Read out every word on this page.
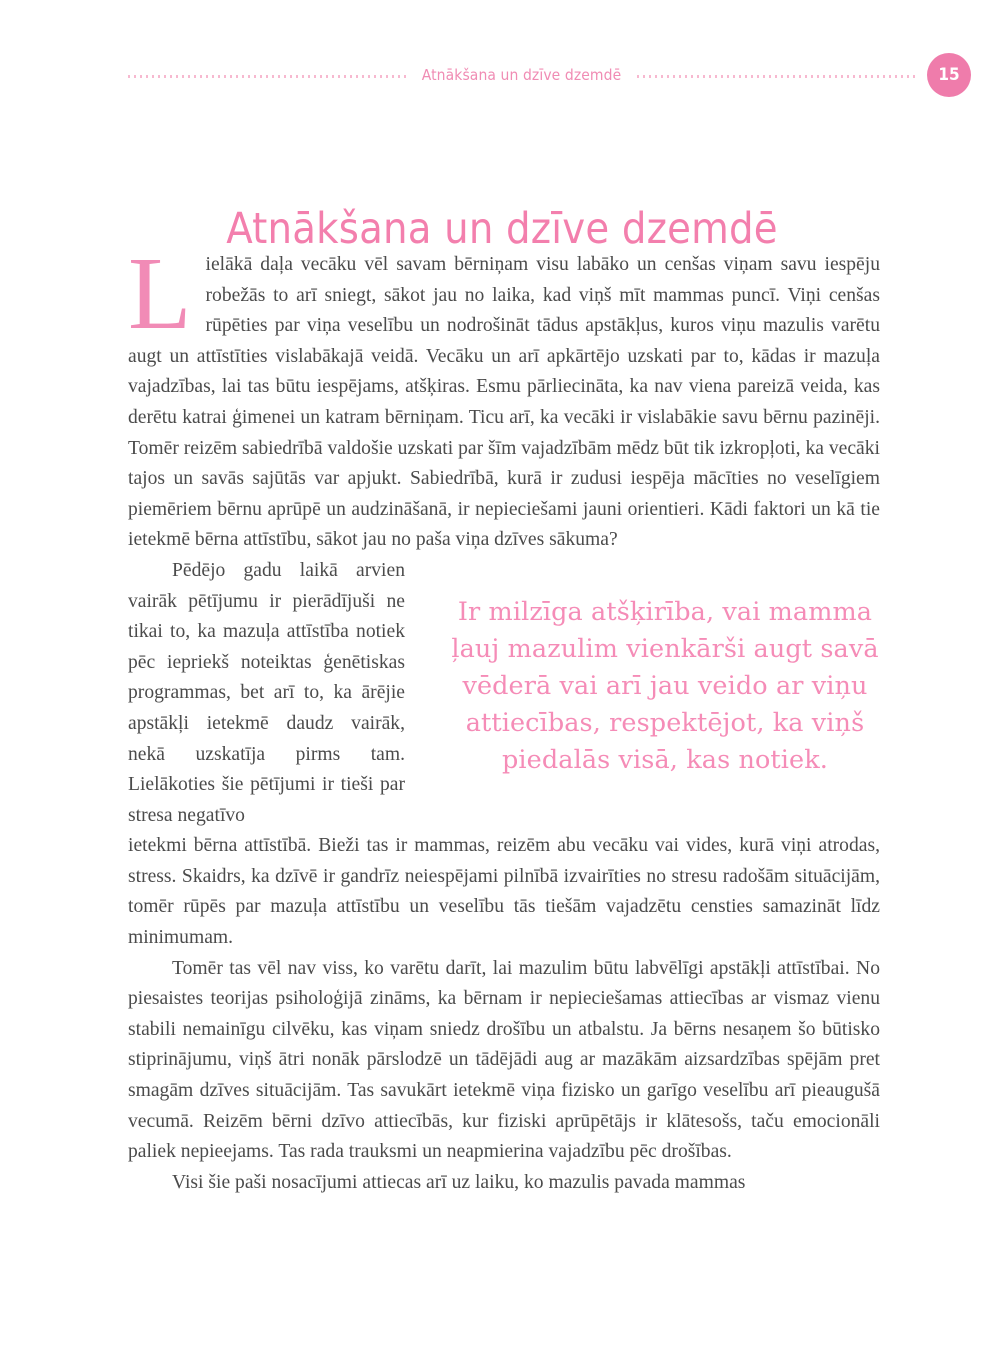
Atnākšana un dzīve dzemdē	15
Atnākšana un dzīve dzemdē

Lielākā daļa vecāku vēl savam bērniņam visu labāko un cenšas viņam savu iespēju robežās to arī sniegt, sākot jau no laika, kad viņš mīt mammas puncī. Viņi cenšas rūpēties par viņa veselību un nodrošināt tādus apstākļus, kuros viņu mazulis varētu augt un attīstīties vislabākajā veidā. Vecāku un arī apkārtējo uzskati par to, kādas ir mazuļa vajadzības, lai tas būtu iespējams, atšķiras. Esmu pārliecināta, ka nav viena pareizā veida, kas derētu katrai ģimenei un katram bērniņam. Ticu arī, ka vecāki ir vislabākie savu bērnu pazinēji. Tomēr reizēm sabiedrībā valdošie uzskati par šīm vajadzībām mēdz būt tik izkropļoti, ka vecāki tajos un savās sajūtās var apjukt. Sabiedrībā, kurā ir zudusi iespēja mācīties no veselīgiem piemēriem bērnu aprūpē un audzināšanā, ir nepieciešami jauni orientieri. Kādi faktori un kā tie ietekmē bērna attīstību, sākot jau no paša viņa dzīves sākuma?

Pēdējo gadu laikā arvien vairāk pētījumu ir pierādījuši ne tikai to, ka mazuļa attīstība notiek pēc iepriekš noteiktas ģenētiskas programmas, bet arī to, ka ārējie apstākļi ietekmē daudz vairāk, nekā uzskatīja pirms tam. Lielākoties šie pētījumi ir tieši par stresa negatīvo

Ir milzīga atšķirība, vai mamma ļauj mazulim vienkārši augt savā vēderā vai arī jau veido ar viņu attiecības, respektējot, ka viņš piedalās visā, kas notiek.

ietekmi bērna attīstībā. Bieži tas ir mammas, reizēm abu vecāku vai vides, kurā viņi atrodas, stress. Skaidrs, ka dzīvē ir gandrīz neiespējami pilnībā izvairīties no stresu radošām situācijām, tomēr rūpēs par mazuļa attīstību un veselību tās tiešām vajadzētu censties samazināt līdz minimumam.

Tomēr tas vēl nav viss, ko varētu darīt, lai mazulim būtu labvēlīgi apstākļi attīstībai. No piesaistes teorijas psiholoģijā zināms, ka bērnam ir nepieciešamas attiecības ar vismaz vienu stabili nemainīgu cilvēku, kas viņam sniedz drošību un atbalstu. Ja bērns nesaņem šo būtisko stiprinājumu, viņš ātri nonāk pārslodzē un tādējādi aug ar mazākām aizsardzības spējām pret smagām dzīves situācijām. Tas savukārt ietekmē viņa fizisko un garīgo veselību arī pieaugušā vecumā. Reizēm bērni dzīvo attiecībās, kur fiziski aprūpētājs ir klātesošs, taču emocionāli paliek nepieejams. Tas rada trauksmi un neapmierina vajadzību pēc drošības.

Visi šie paši nosacījumi attiecas arī uz laiku, ko mazulis pavada mammas
